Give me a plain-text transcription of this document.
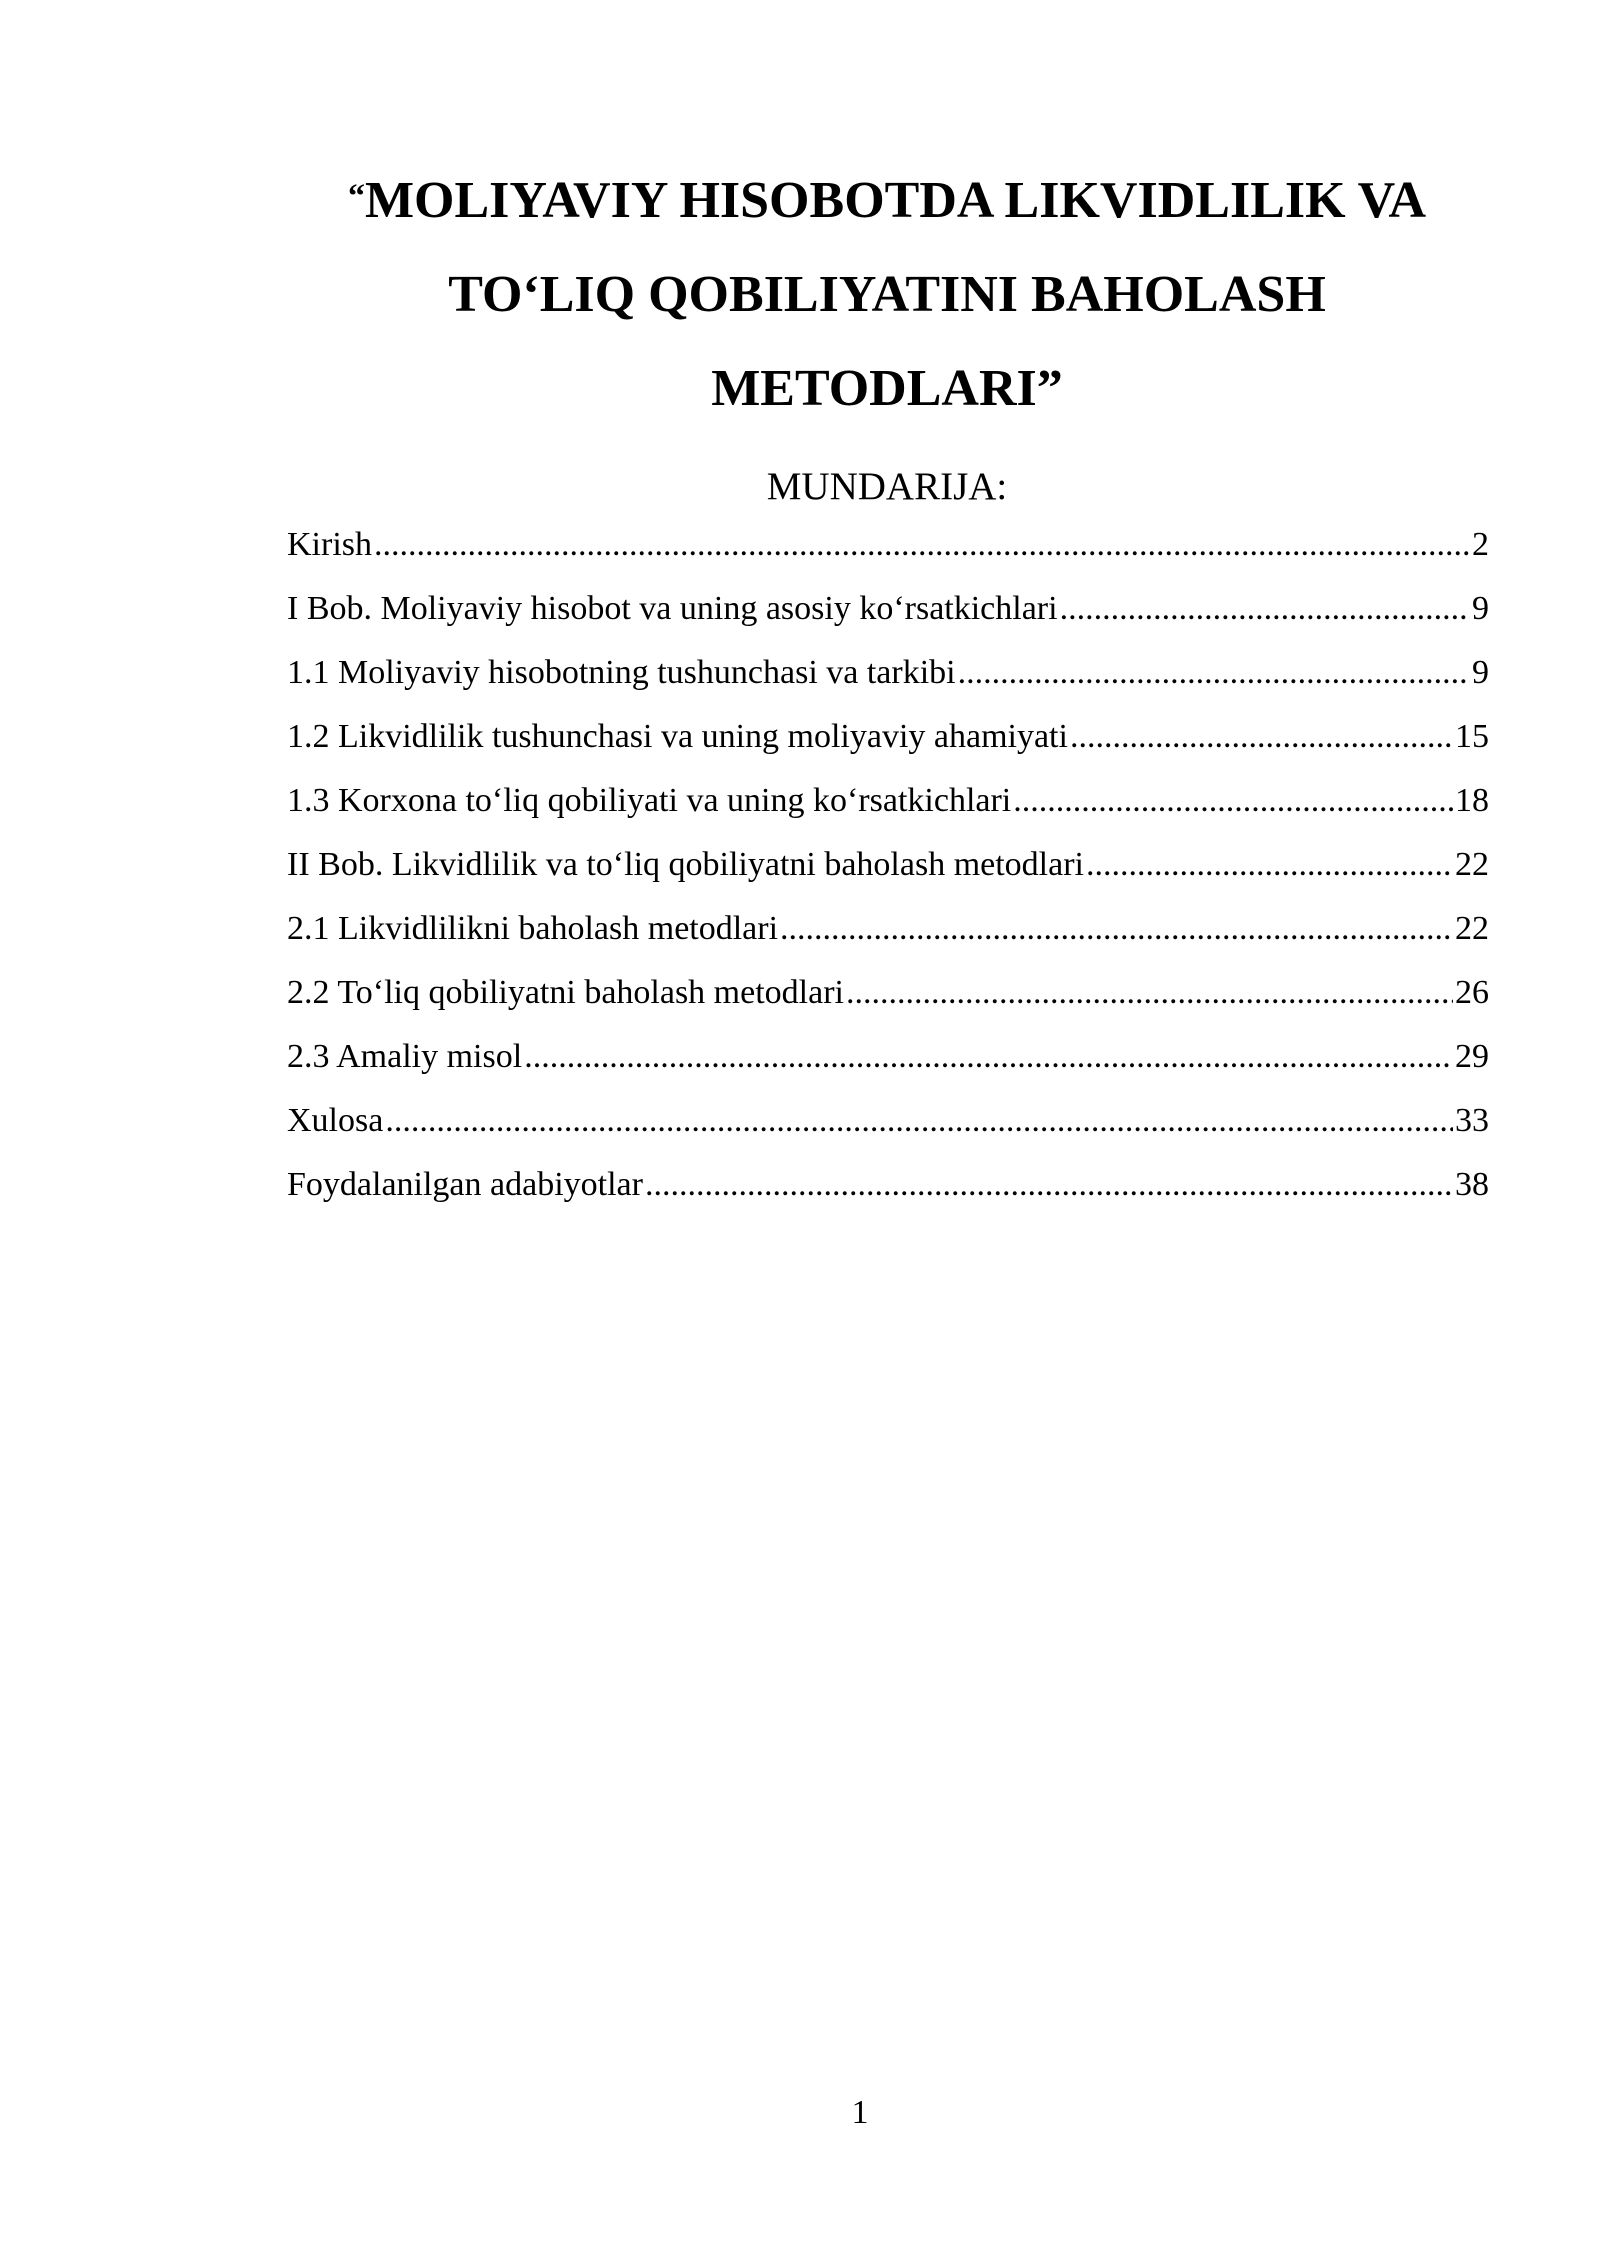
“MOLIYAVIY HISOBOTDA LIKVIDLILIK VA
TO‘LIQ QOBILIYATINI BAHOLASH
METODLARI”
MUNDARIJA:
Kirish .....	2
I Bob. Moliyaviy hisobot va uning asosiy ko‘rsatkichlari .....	9
1.1 Moliyaviy hisobotning tushunchasi va tarkibi .....	9
1.2 Likvidlilik tushunchasi va uning moliyaviy ahamiyati .....	15
1.3 Korxona to‘liq qobiliyati va uning ko‘rsatkichlari .....	18
II Bob. Likvidlilik va to‘liq qobiliyatni baholash metodlari .....	22
2.1 Likvidlilikni baholash metodlari .....	22
2.2 To‘liq qobiliyatni baholash metodlari .....	26
2.3 Amaliy misol .....	29
Xulosa .....	33
Foydalanilgan adabiyotlar .....	38
1
